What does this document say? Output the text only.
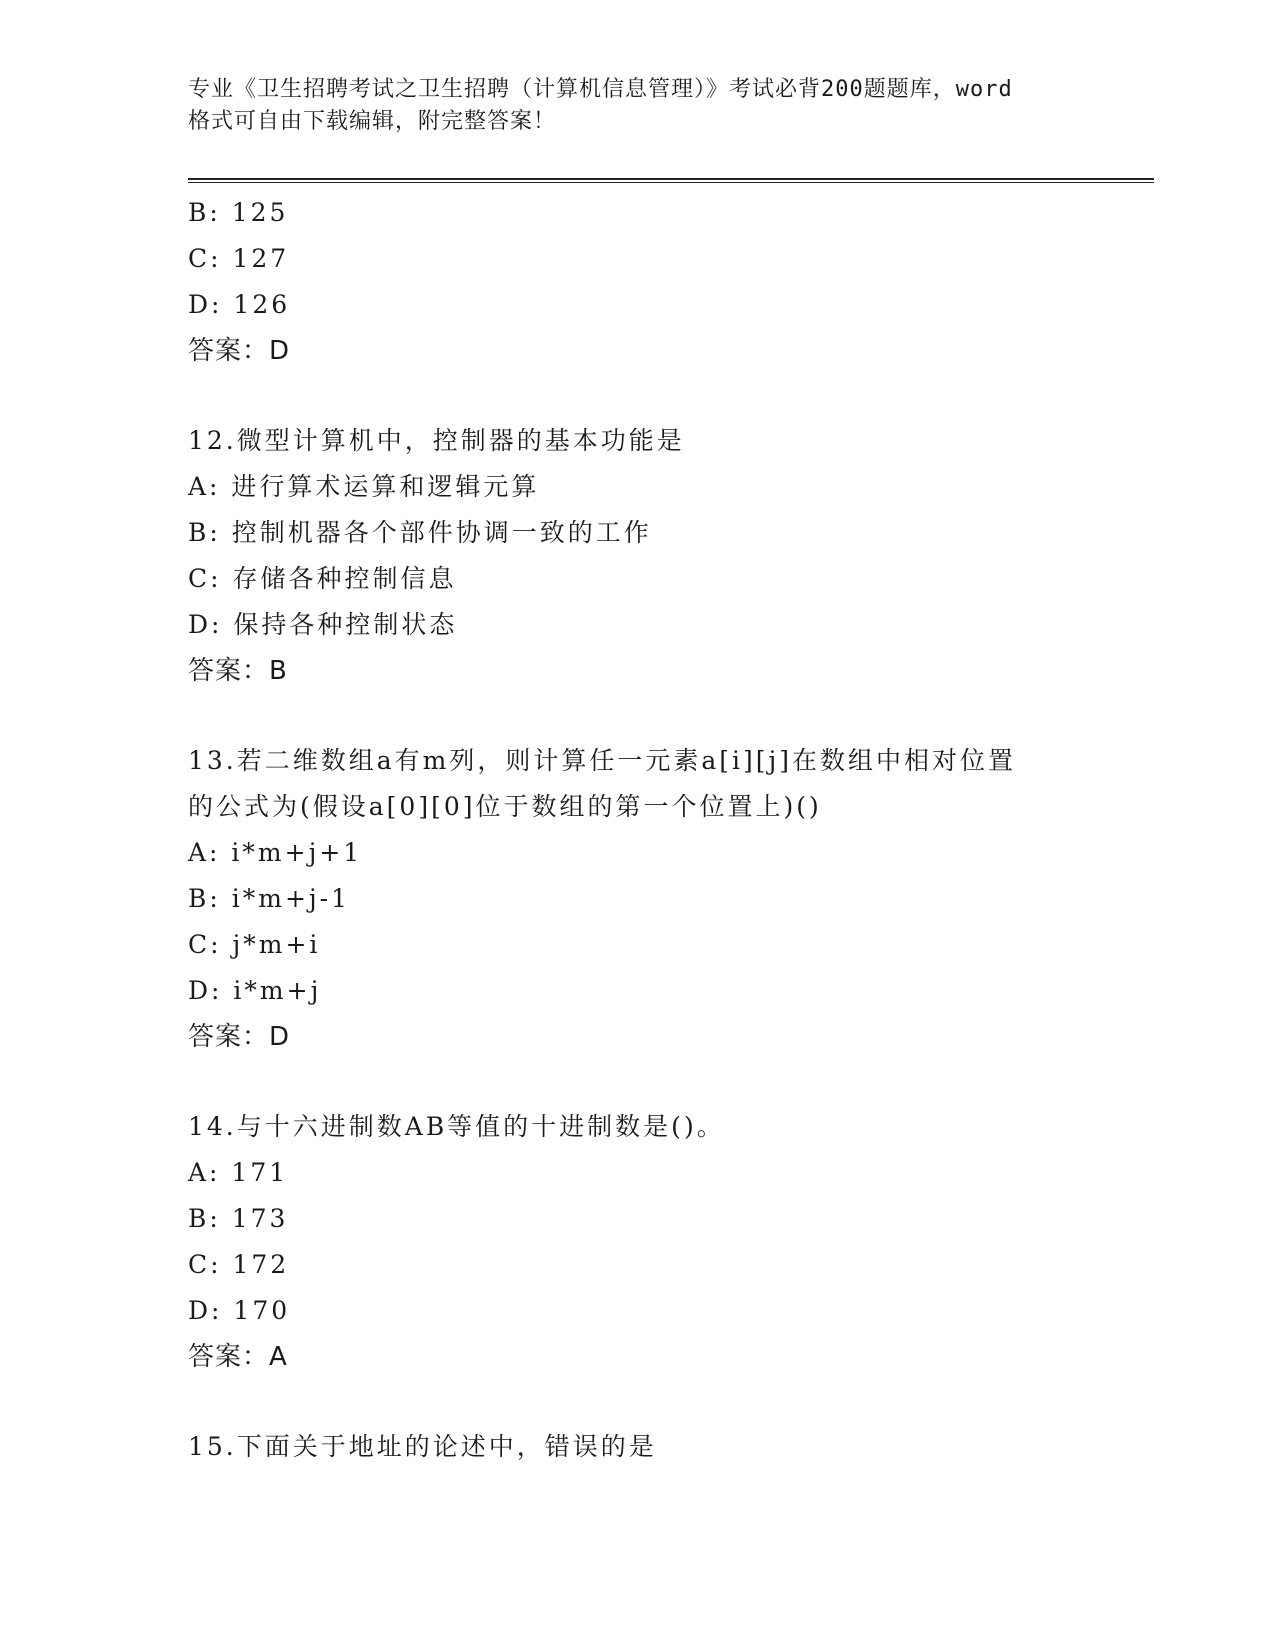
专业《卫生招聘考试之卫生招聘（计算机信息管理）》考试必背200题题库，word
格式可自由下载编辑，附完整答案！
B: 125
C: 127
D: 126
答案：D
12.微型计算机中，控制器的基本功能是
A: 进行算术运算和逻辑元算
B: 控制机器各个部件协调一致的工作
C: 存储各种控制信息
D: 保持各种控制状态
答案：B
13.若二维数组a有m列，则计算任一元素a[i][j]在数组中相对位置
的公式为(假设a[0][0]位于数组的第一个位置上)()
A: i*m+j+1
B: i*m+j-1
C: j*m+i
D: i*m+j
答案：D
14.与十六进制数AB等值的十进制数是()。
A: 171
B: 173
C: 172
D: 170
答案：A
15.下面关于地址的论述中，错误的是
